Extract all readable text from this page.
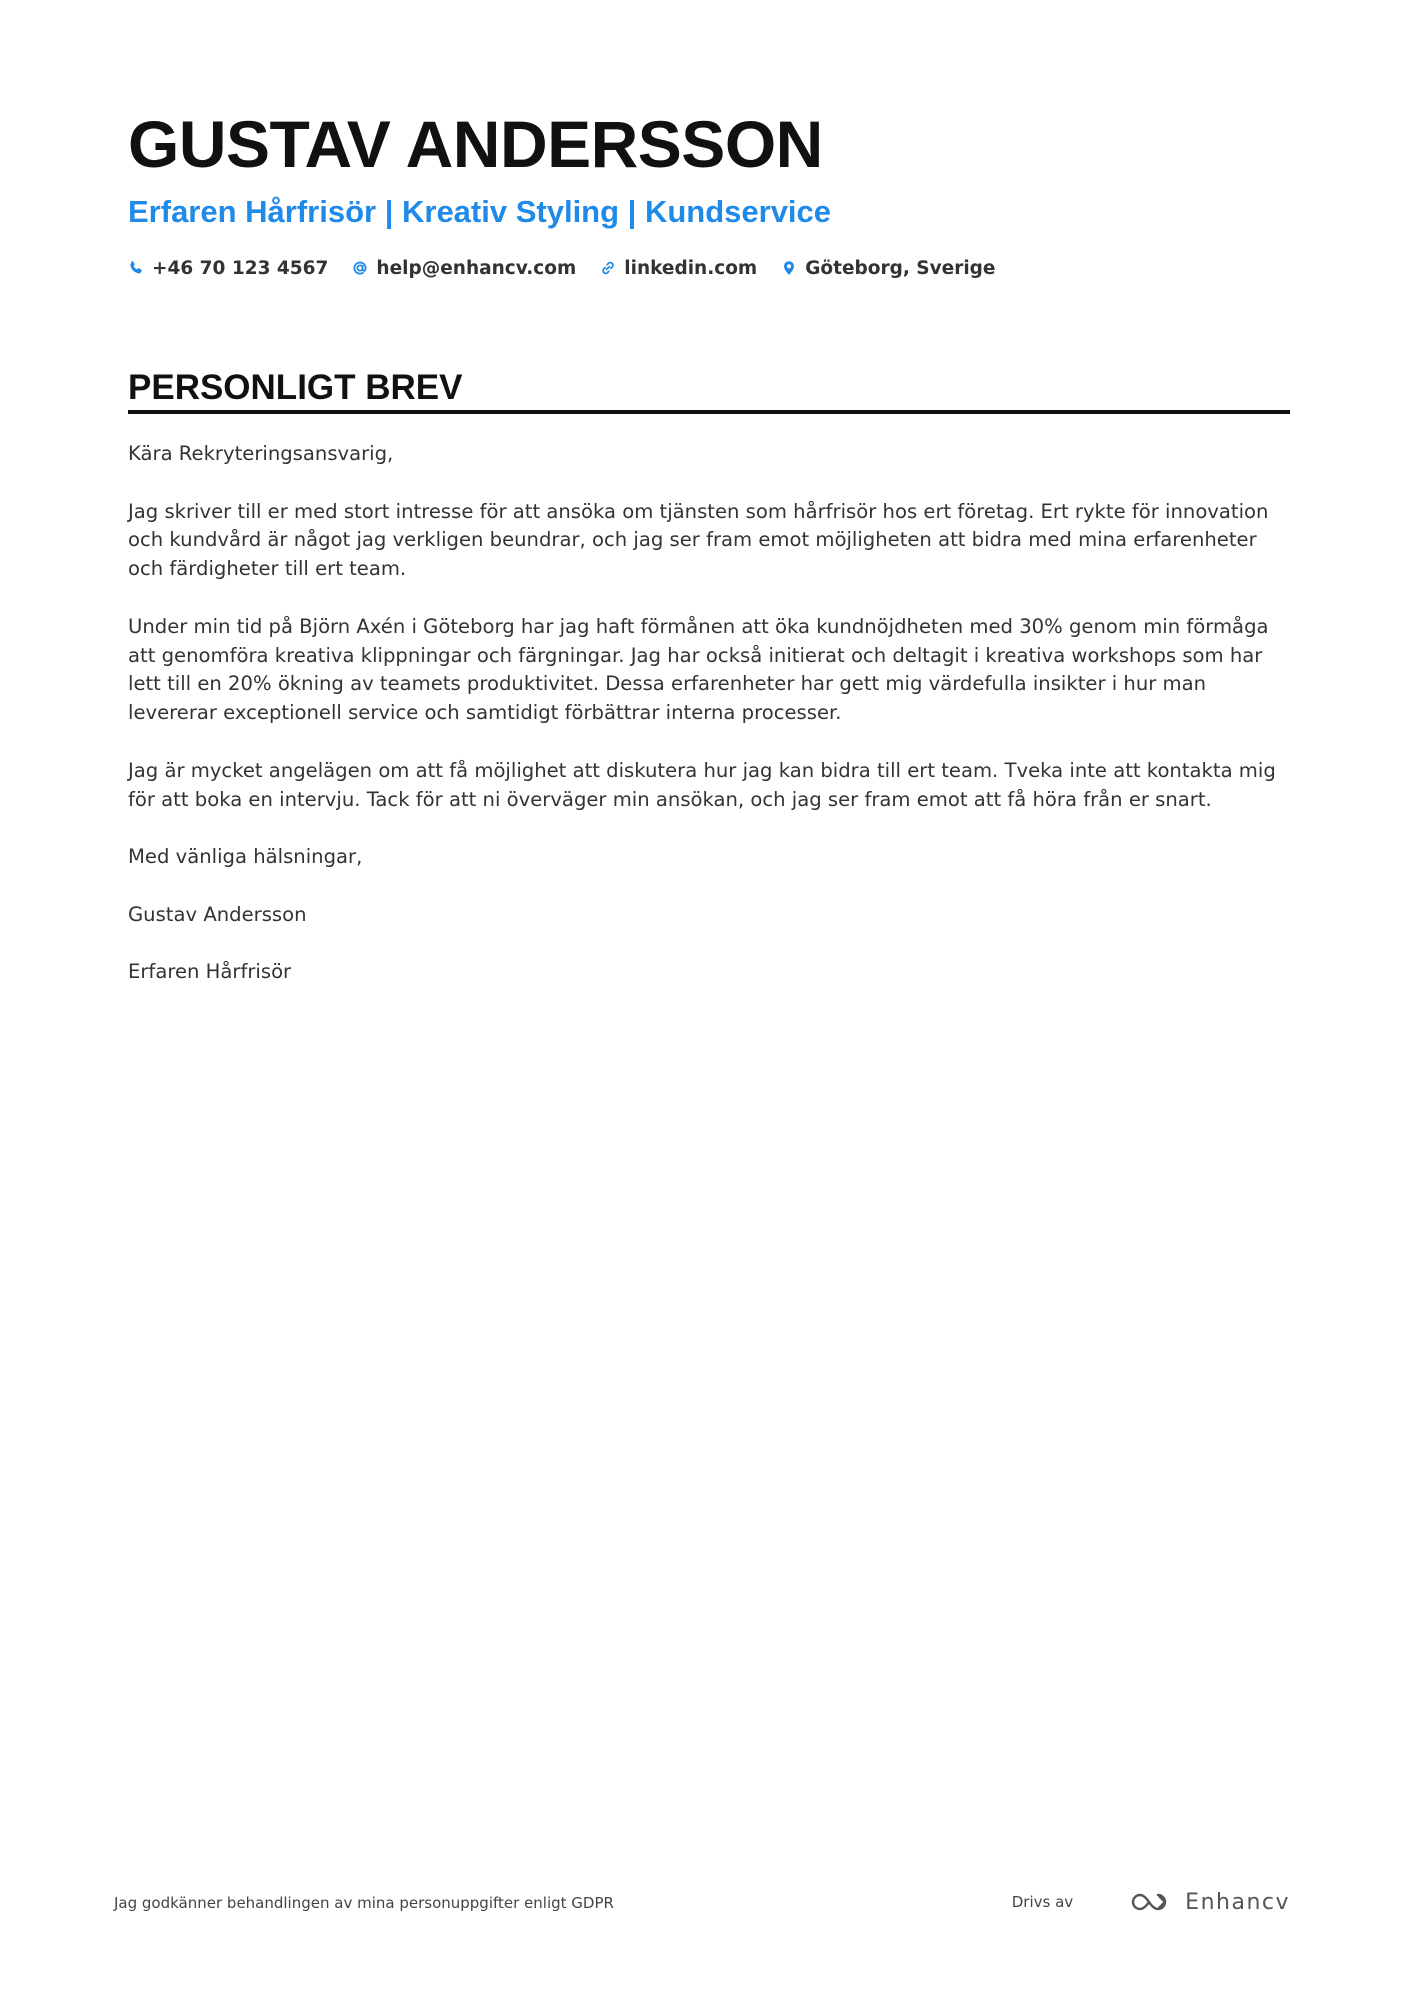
GUSTAV ANDERSSON
Erfaren Hårfrisör | Kreativ Styling | Kundservice
+46 70 123 4567	help@enhancv.com	linkedin.com	Göteborg, Sverige
PERSONLIGT BREV

Kära Rekryteringsansvarig,

Jag skriver till er med stort intresse för att ansöka om tjänsten som hårfrisör hos ert företag. Ert rykte för innovation och kundvård är något jag verkligen beundrar, och jag ser fram emot möjligheten att bidra med mina erfarenheter och färdigheter till ert team.

Under min tid på Björn Axén i Göteborg har jag haft förmånen att öka kundnöjdheten med 30% genom min förmåga att genomföra kreativa klippningar och färgningar. Jag har också initierat och deltagit i kreativa workshops som har lett till en 20% ökning av teamets produktivitet. Dessa erfarenheter har gett mig värdefulla insikter i hur man levererar exceptionell service och samtidigt förbättrar interna processer.

Jag är mycket angelägen om att få möjlighet att diskutera hur jag kan bidra till ert team. Tveka inte att kontakta mig för att boka en intervju. Tack för att ni överväger min ansökan, och jag ser fram emot att få höra från er snart.

Med vänliga hälsningar,

Gustav Andersson

Erfaren Hårfrisör

Jag godkänner behandlingen av mina personuppgifter enligt GDPR	Drivs av	Enhancv
